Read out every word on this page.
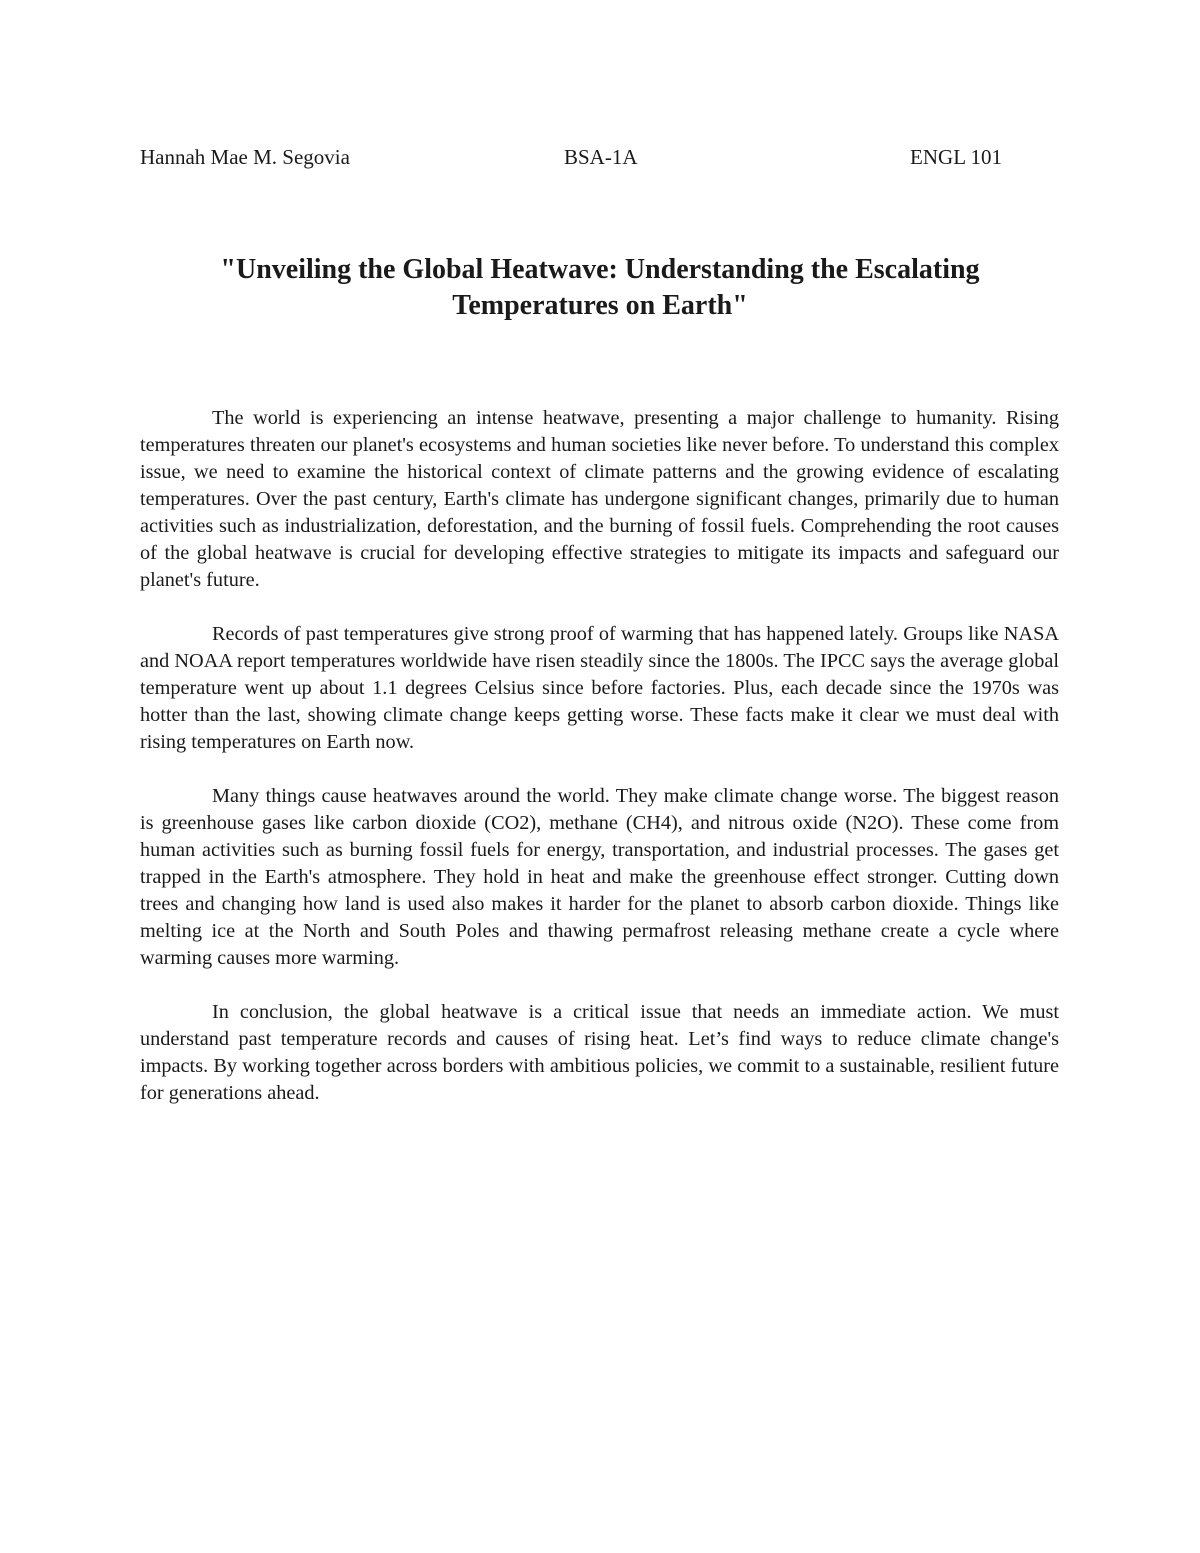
Hannah Mae M. Segovia	BSA-1A	ENGL 101
"Unveiling the Global Heatwave: Understanding the Escalating Temperatures on Earth"

The world is experiencing an intense heatwave, presenting a major challenge to humanity. Rising temperatures threaten our planet's ecosystems and human societies like never before. To understand this complex issue, we need to examine the historical context of climate patterns and the growing evidence of escalating temperatures. Over the past century, Earth's climate has undergone significant changes, primarily due to human activities such as industrialization, deforestation, and the burning of fossil fuels. Comprehending the root causes of the global heatwave is crucial for developing effective strategies to mitigate its impacts and safeguard our planet's future.

Records of past temperatures give strong proof of warming that has happened lately. Groups like NASA and NOAA report temperatures worldwide have risen steadily since the 1800s. The IPCC says the average global temperature went up about 1.1 degrees Celsius since before factories. Plus, each decade since the 1970s was hotter than the last, showing climate change keeps getting worse. These facts make it clear we must deal with rising temperatures on Earth now.

Many things cause heatwaves around the world. They make climate change worse. The biggest reason is greenhouse gases like carbon dioxide (CO2), methane (CH4), and nitrous oxide (N2O). These come from human activities such as burning fossil fuels for energy, transportation, and industrial processes. The gases get trapped in the Earth's atmosphere. They hold in heat and make the greenhouse effect stronger. Cutting down trees and changing how land is used also makes it harder for the planet to absorb carbon dioxide. Things like melting ice at the North and South Poles and thawing permafrost releasing methane create a cycle where warming causes more warming.

In conclusion, the global heatwave is a critical issue that needs an immediate action. We must understand past temperature records and causes of rising heat. Let’s find ways to reduce climate change's impacts. By working together across borders with ambitious policies, we commit to a sustainable, resilient future for generations ahead.
